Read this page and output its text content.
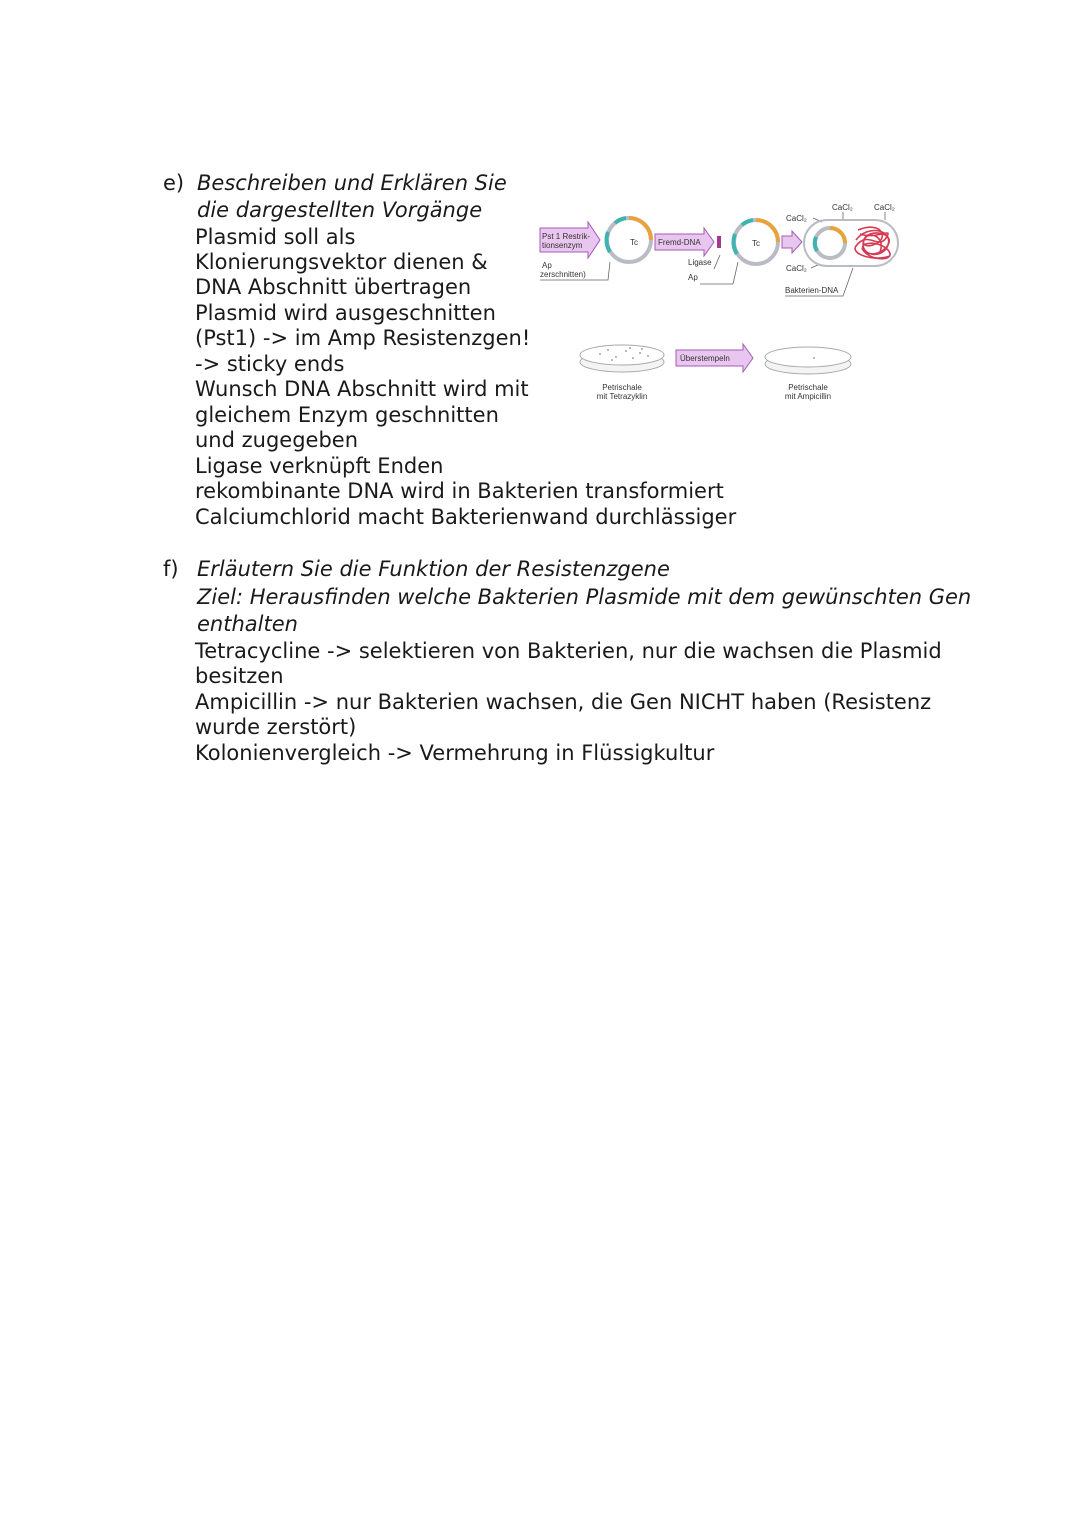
e) Beschreiben und Erklären Sie
die dargestellten Vorgänge
Plasmid soll als
Klonierungsvektor dienen &
DNA Abschnitt übertragen
Plasmid wird ausgeschnitten
(Pst1) -> im Amp Resistenzgen!
-> sticky ends
Wunsch DNA Abschnitt wird mit
gleichem Enzym geschnitten
und zugegeben
Ligase verknüpft Enden
rekombinante DNA wird in Bakterien transformiert
Calciumchlorid macht Bakterienwand durchlässiger
Pst 1 Restrik-
tionsenzym
Ap
zerschnitten)
Tc	Fremd-DNA
Ligase
Ap
Tc
CaCl₂
CaCl₂	CaCl₂
CaCl₂
Bakterien-DNA
Petrischale
mit Tetrazyklin
Überstempeln
Petrischale
mit Ampicillin
f) Erläutern Sie die Funktion der Resistenzgene
Ziel: Herausfinden welche Bakterien Plasmide mit dem gewünschten Gen
enthalten
Tetracycline -> selektieren von Bakterien, nur die wachsen die Plasmid
besitzen
Ampicillin -> nur Bakterien wachsen, die Gen NICHT haben (Resistenz
wurde zerstört)
Kolonienvergleich -> Vermehrung in Flüssigkultur
